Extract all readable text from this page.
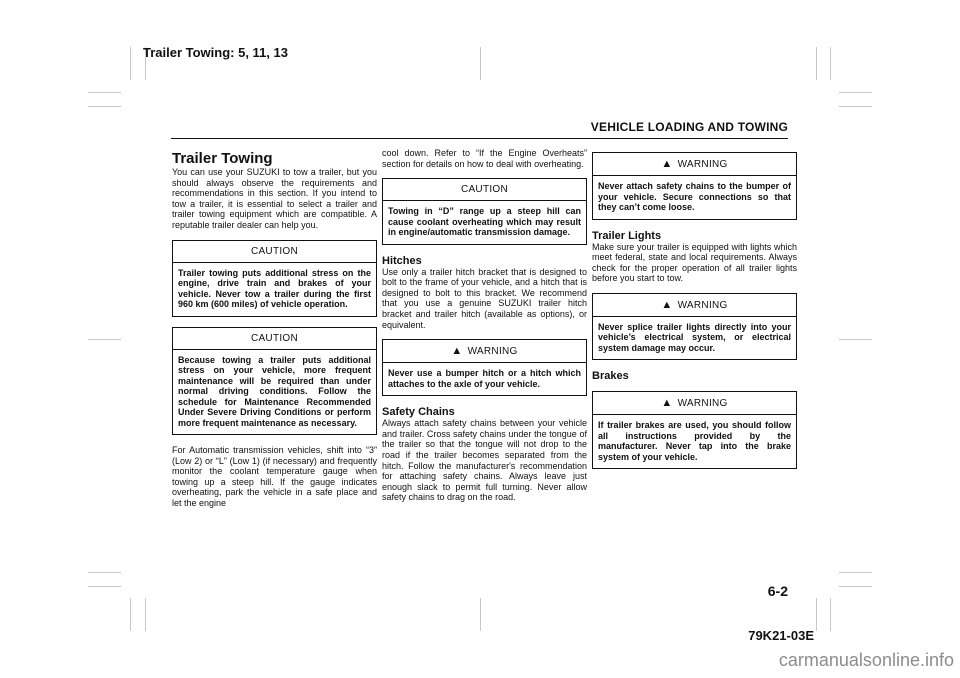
Trailer Towing: 5, 11, 13
VEHICLE LOADING AND TOWING
Trailer Towing

You can use your SUZUKI to tow a trailer, but you should always observe the requirements and recommendations in this section. If you intend to tow a trailer, it is essential to select a trailer and trailer towing equipment which are compatible. A reputable trailer dealer can help you.

CAUTION
Trailer towing puts additional stress on the engine, drive train and brakes of your vehicle. Never tow a trailer during the first 960 km (600 miles) of vehicle operation.
CAUTION
Because towing a trailer puts additional stress on your vehicle, more frequent maintenance will be required than under normal driving conditions. Follow the schedule for Maintenance Recommended Under Severe Driving Conditions or perform more frequent maintenance as necessary.

For Automatic transmission vehicles, shift into “3” (Low 2) or “L” (Low 1) (if necessary) and frequently monitor the coolant temperature gauge when towing up a steep hill. If the gauge indicates overheating, park the vehicle in a safe place and let the engine

cool down. Refer to “If the Engine Overheats” section for details on how to deal with overheating.

CAUTION
Towing in “D” range up a steep hill can cause coolant overheating which may result in engine/automatic transmission damage.
Hitches

Use only a trailer hitch bracket that is designed to bolt to the frame of your vehicle, and a hitch that is designed to bolt to this bracket. We recommend that you use a genuine SUZUKI trailer hitch bracket and trailer hitch (available as options), or equivalent.

▲ WARNING
Never use a bumper hitch or a hitch which attaches to the axle of your vehicle.
Safety Chains

Always attach safety chains between your vehicle and trailer. Cross safety chains under the tongue of the trailer so that the tongue will not drop to the road if the trailer becomes separated from the hitch. Follow the manufacturer's recommendation for attaching safety chains. Always leave just enough slack to permit full turning. Never allow safety chains to drag on the road.

▲ WARNING
Never attach safety chains to the bumper of your vehicle. Secure connections so that they can’t come loose.
Trailer Lights

Make sure your trailer is equipped with lights which meet federal, state and local requirements. Always check for the proper operation of all trailer lights before you start to tow.

▲ WARNING
Never splice trailer lights directly into your vehicle’s electrical system, or electrical system damage may occur.
Brakes
▲ WARNING
If trailer brakes are used, you should follow all instructions provided by the manufacturer. Never tap into the brake system of your vehicle.
6-2
79K21-03E
carmanualsonline.info
